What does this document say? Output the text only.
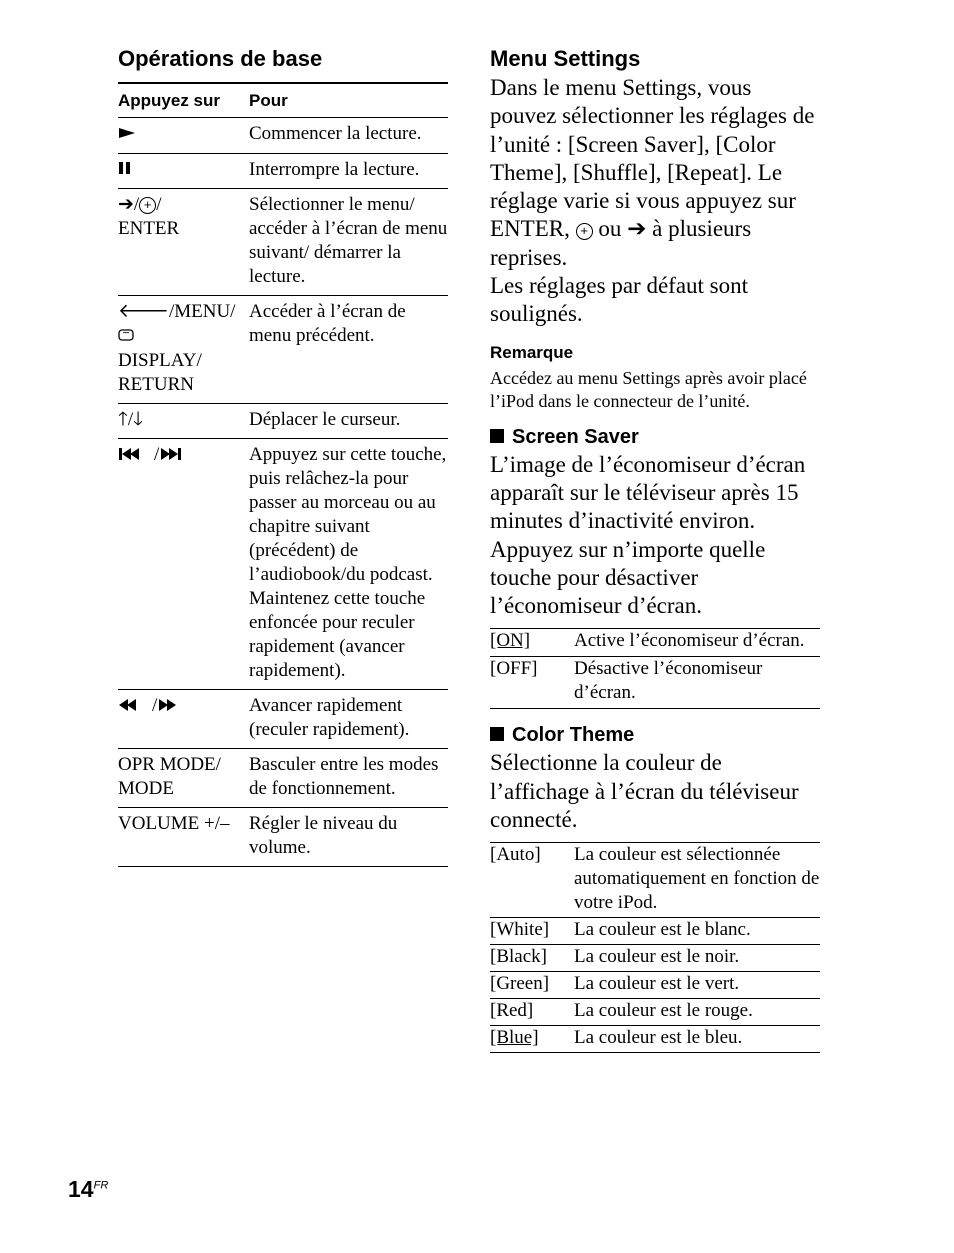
Opérations de base
Appuyez sur	Pour
	Commencer la lecture.
	Interrompre la lecture.
➔/ + /
ENTER	Sélectionner le menu/ accéder à l’écran de menu suivant/ démarrer la lecture.
🡐/MENU/
DISPLAY/
RETURN	Accéder à l’écran de menu précédent.
🡑/🡓	Déplacer le curseur.
/	Appuyez sur cette touche, puis relâchez-la pour passer au morceau ou au chapitre suivant (précédent) de l’audiobook/du podcast. Maintenez cette touche enfoncée pour reculer rapidement (avancer rapidement).
/	Avancer rapidement (reculer rapidement).
OPR MODE/ MODE	Basculer entre les modes de fonctionnement.
VOLUME +/–	Régler le niveau du volume.
Menu Settings

Dans le menu Settings, vous pouvez sélectionner les réglages de l’unité : [Screen Saver], [Color Theme], [Shuffle], [Repeat]. Le réglage varie si vous appuyez sur ENTER, + ou ➔ à plusieurs reprises.

Les réglages par défaut sont soulignés.

Remarque

Accédez au menu Settings après avoir placé l’iPod dans le connecteur de l’unité.

Screen Saver

L’image de l’économiseur d’écran apparaît sur le téléviseur après 15 minutes d’inactivité environ. Appuyez sur n’importe quelle touche pour désactiver l’économiseur d’écran.

[ON]	Active l’économiseur d’écran.
[OFF]	Désactive l’économiseur d’écran.
Color Theme

Sélectionne la couleur de l’affichage à l’écran du téléviseur connecté.

[Auto]	La couleur est sélectionnée automatiquement en fonction de votre iPod.
[White]	La couleur est le blanc.
[Black]	La couleur est le noir.
[Green]	La couleur est le vert.
[Red]	La couleur est le rouge.
[Blue]	La couleur est le bleu.
$14^{FR}$
